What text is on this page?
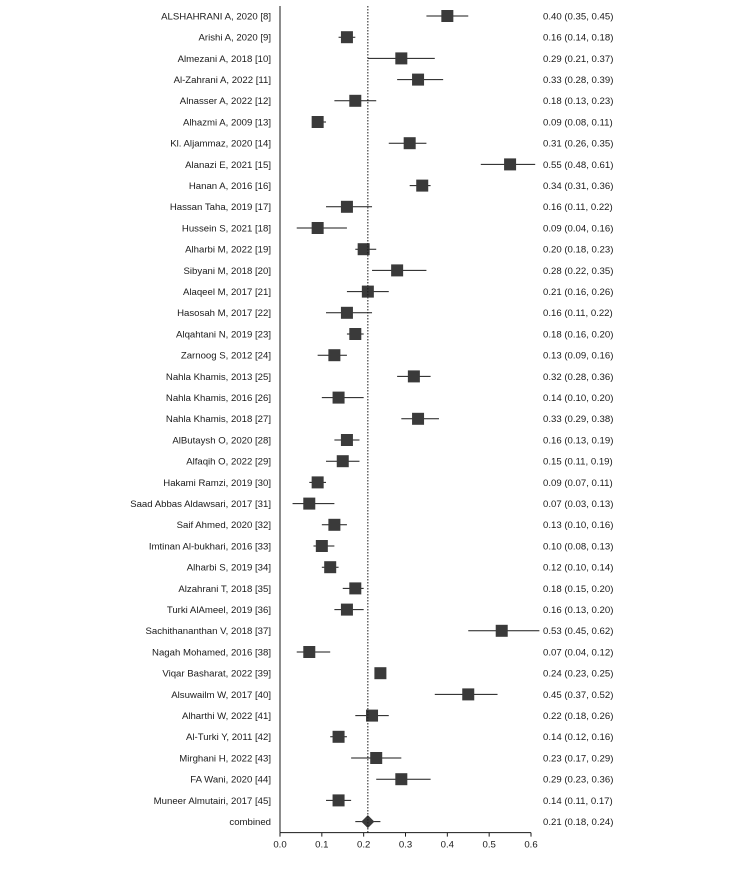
ALSHAHRANI A, 2020 [8]	0.40 (0.35, 0.45)
Arishi A, 2020 [9]	0.16 (0.14, 0.18)
Almezani A, 2018 [10]	0.29 (0.21, 0.37)
Al-Zahrani A, 2022 [11]	0.33 (0.28, 0.39)
Alnasser A, 2022 [12]	0.18 (0.13, 0.23)
Alhazmi A, 2009 [13]	0.09 (0.08, 0.11)
Kl. Aljammaz, 2020 [14]	0.31 (0.26, 0.35)
Alanazi E, 2021 [15]	0.55 (0.48, 0.61)
Hanan A, 2016 [16]	0.34 (0.31, 0.36)
Hassan Taha, 2019 [17]	0.16 (0.11, 0.22)
Hussein S, 2021 [18]	0.09 (0.04, 0.16)
Alharbi M, 2022 [19]	0.20 (0.18, 0.23)
Sibyani M, 2018 [20]	0.28 (0.22, 0.35)
Alaqeel M, 2017 [21]	0.21 (0.16, 0.26)
Hasosah M, 2017 [22]	0.16 (0.11, 0.22)
Alqahtani N, 2019 [23]	0.18 (0.16, 0.20)
Zarnoog S, 2012 [24]	0.13 (0.09, 0.16)
Nahla Khamis, 2013 [25]	0.32 (0.28, 0.36)
Nahla Khamis, 2016 [26]	0.14 (0.10, 0.20)
Nahla Khamis, 2018 [27]	0.33 (0.29, 0.38)
AlButaysh O, 2020 [28]	0.16 (0.13, 0.19)
Alfaqih O, 2022 [29]	0.15 (0.11, 0.19)
Hakami Ramzi, 2019 [30]	0.09 (0.07, 0.11)
Saad Abbas Aldawsari, 2017 [31]	0.07 (0.03, 0.13)
Saif Ahmed, 2020 [32]	0.13 (0.10, 0.16)
Imtinan Al-bukhari, 2016 [33]	0.10 (0.08, 0.13)
Alharbi S, 2019 [34]	0.12 (0.10, 0.14)
Alzahrani T, 2018 [35]	0.18 (0.15, 0.20)
Turki AlAmeel, 2019 [36]	0.16 (0.13, 0.20)
Sachithananthan V, 2018 [37]	0.53 (0.45, 0.62)
Nagah Mohamed, 2016 [38]	0.07 (0.04, 0.12)
Viqar Basharat, 2022 [39]	0.24 (0.23, 0.25)
Alsuwailm W, 2017 [40]	0.45 (0.37, 0.52)
Alharthi W, 2022 [41]	0.22 (0.18, 0.26)
Al-Turki Y, 2011 [42]	0.14 (0.12, 0.16)
Mirghani H, 2022 [43]	0.23 (0.17, 0.29)
FA Wani, 2020 [44]	0.29 (0.23, 0.36)
Muneer Almutairi, 2017 [45]	0.14 (0.11, 0.17)
combined	0.21 (0.18, 0.24)
0.0	0.1	0.2	0.3	0.4	0.5	0.6
